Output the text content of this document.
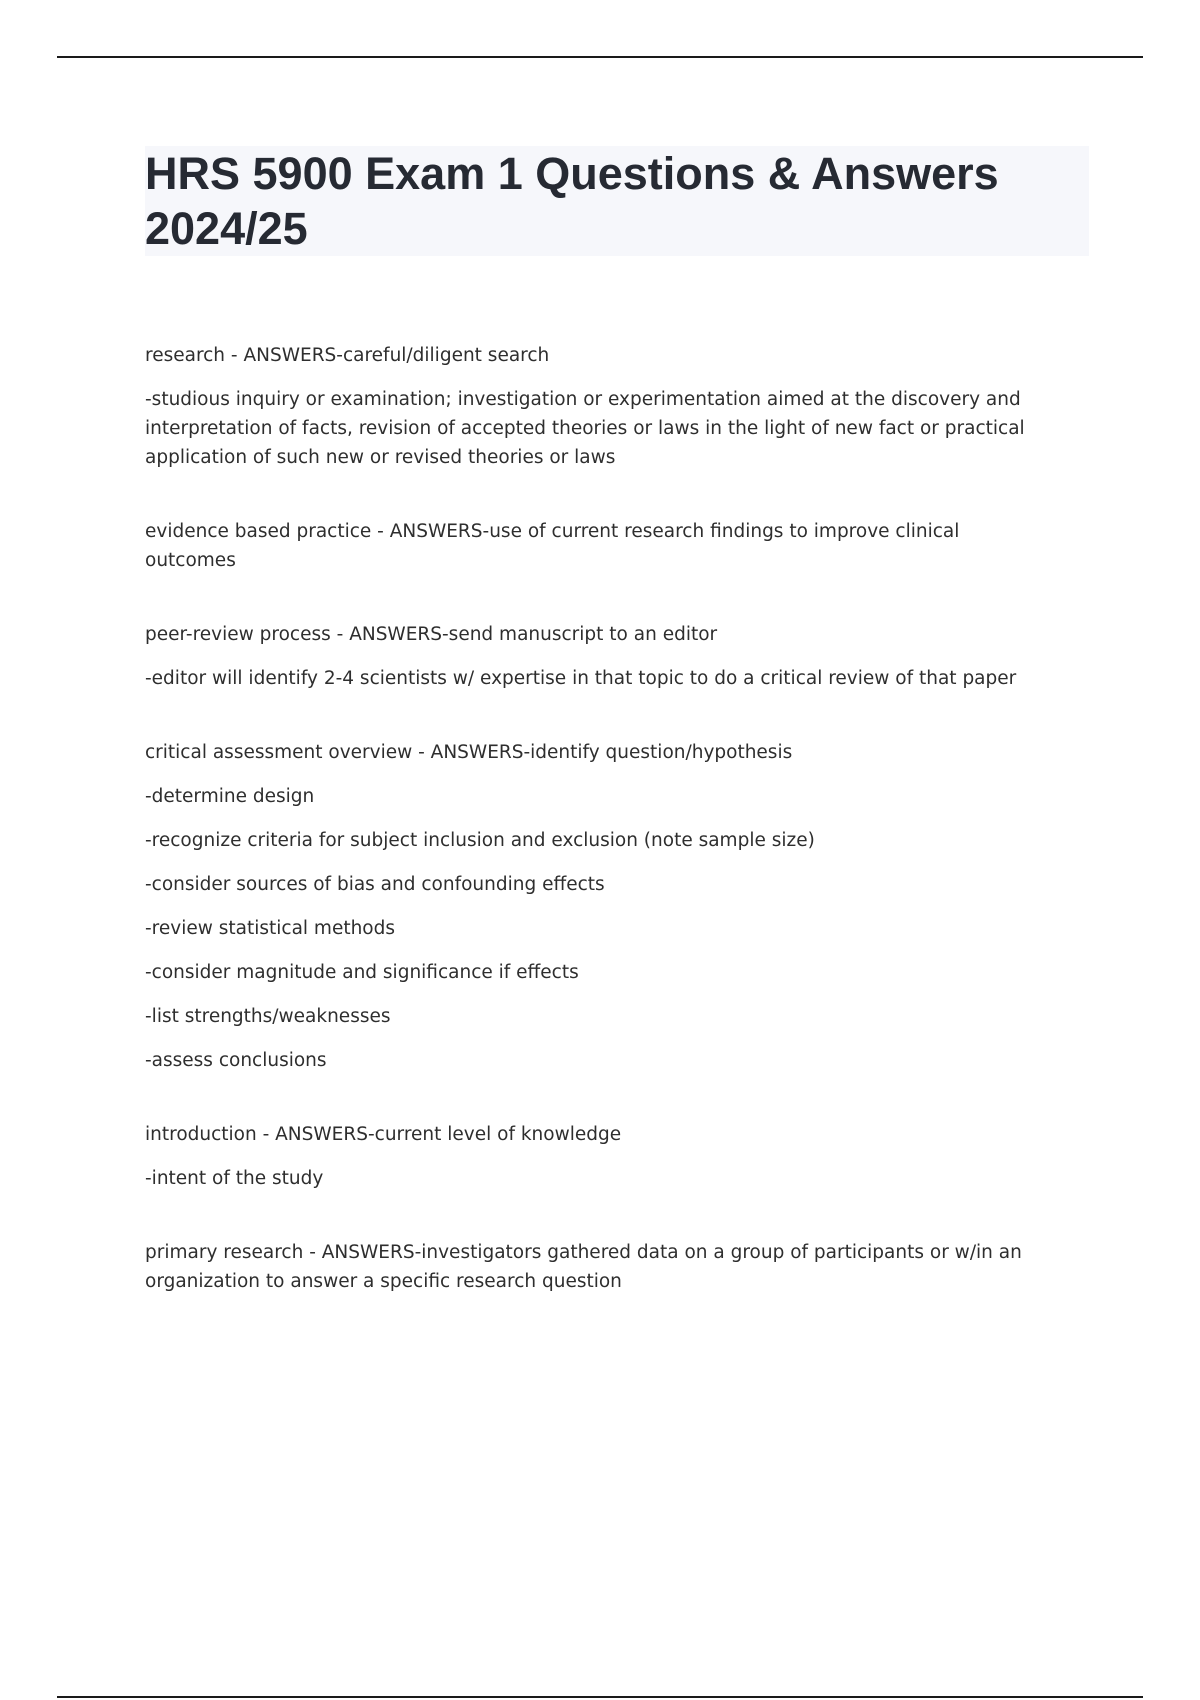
HRS 5900 Exam 1 Questions & Answers 2024/25

research - ANSWERS-careful/diligent search

-studious inquiry or examination; investigation or experimentation aimed at the discovery and interpretation of facts, revision of accepted theories or laws in the light of new fact or practical application of such new or revised theories or laws

evidence based practice - ANSWERS-use of current research findings to improve clinical outcomes

peer-review process - ANSWERS-send manuscript to an editor

-editor will identify 2-4 scientists w/ expertise in that topic to do a critical review of that paper

critical assessment overview - ANSWERS-identify question/hypothesis

-determine design

-recognize criteria for subject inclusion and exclusion (note sample size)

-consider sources of bias and confounding effects

-review statistical methods

-consider magnitude and significance if effects

-list strengths/weaknesses

-assess conclusions

introduction - ANSWERS-current level of knowledge

-intent of the study

primary research - ANSWERS-investigators gathered data on a group of participants or w/in an organization to answer a specific research question
